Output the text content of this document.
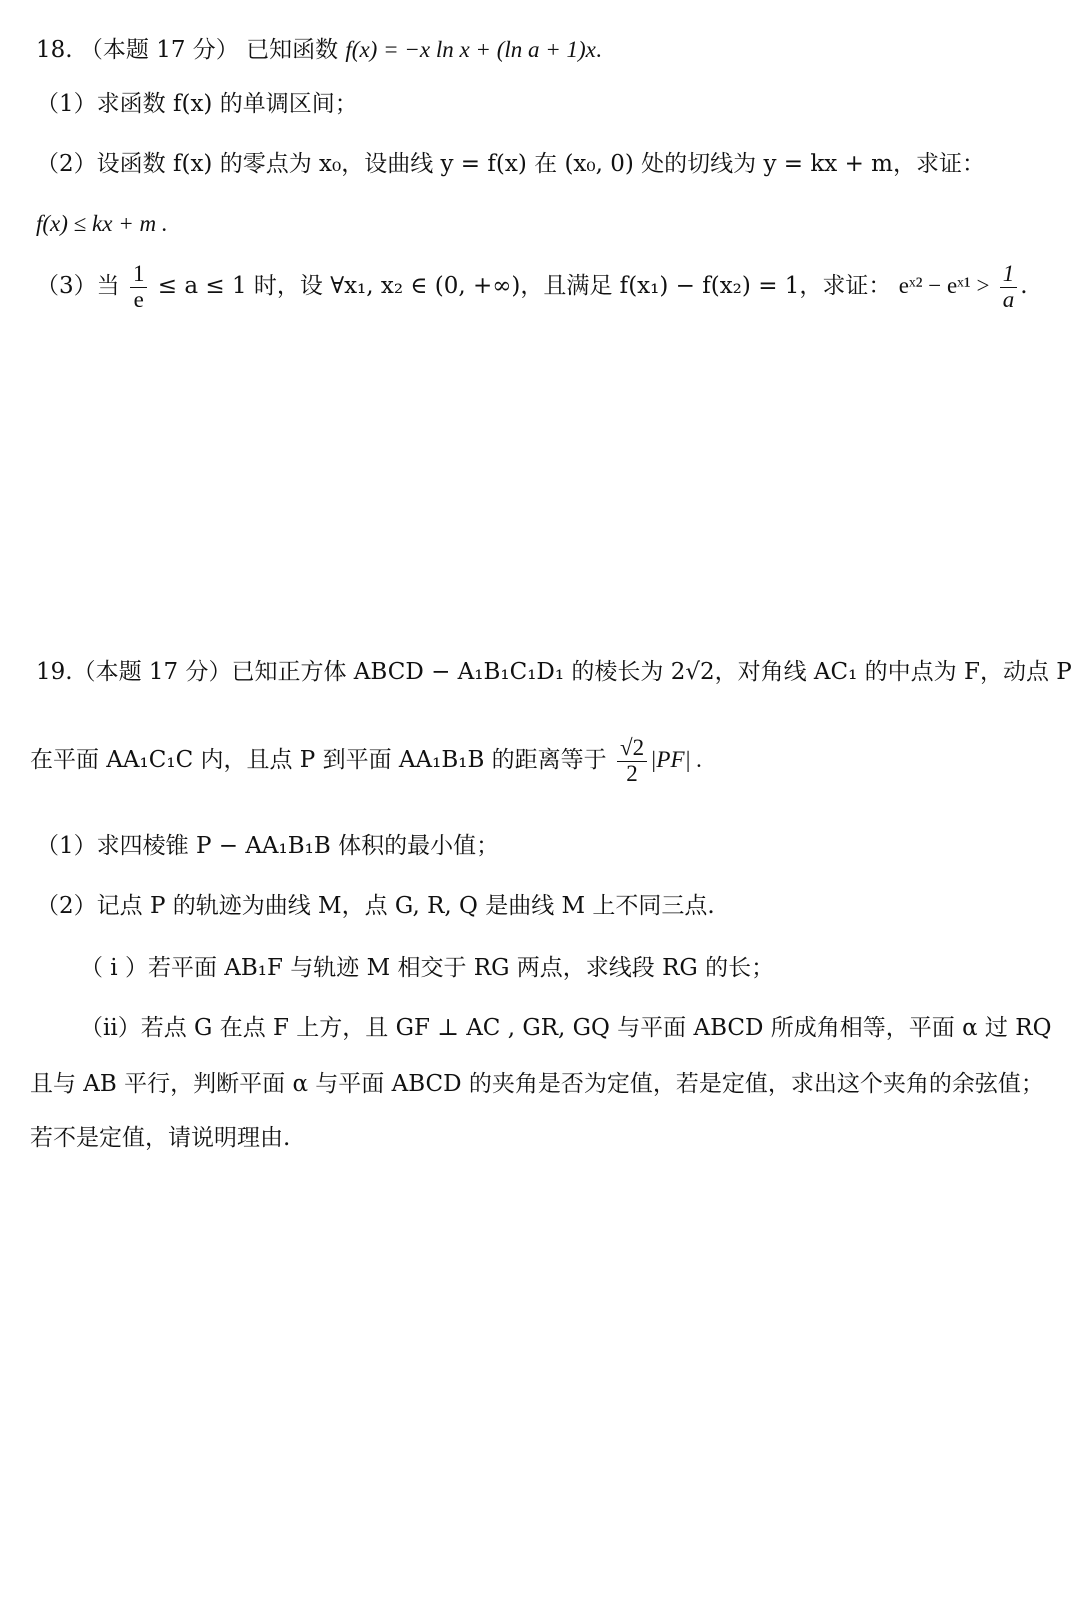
18. （本题 17 分） 已知函数 f(x) = −x ln x + (ln a + 1)x.
（1）求函数 f(x) 的单调区间；
（2）设函数 f(x) 的零点为 x₀，设曲线 y = f(x) 在 (x₀, 0) 处的切线为 y = kx + m，求证：
f(x) ≤ kx + m .
（3）当 $\frac{1}{e} \le a \le 1$ 时，设 ∀x₁, x₂ ∈ (0, +∞)，且满足 f(x₁) − f(x₂) = 1，求证： eˣ² − eˣ¹ > $\frac{1}{a}$ .
19.（本题 17 分）已知正方体 ABCD − A₁B₁C₁D₁ 的棱长为 2√2，对角线 AC₁ 的中点为 F，动点 P
在平面 AA₁C₁C 内，且点 P 到平面 AA₁B₁B 的距离等于 $\frac{√2}{2} |PF|$ .
（1）求四棱锥 P − AA₁B₁B 体积的最小值；
（2）记点 P 的轨迹为曲线 M，点 G, R, Q 是曲线 M 上不同三点.
（ i ）若平面 AB₁F 与轨迹 M 相交于 RG 两点，求线段 RG 的长；
（ii）若点 G 在点 F 上方，且 GF ⊥ AC , GR, GQ 与平面 ABCD 所成角相等，平面 α 过 RQ
且与 AB 平行，判断平面 α 与平面 ABCD 的夹角是否为定值，若是定值，求出这个夹角的余弦值；
若不是定值，请说明理由.
